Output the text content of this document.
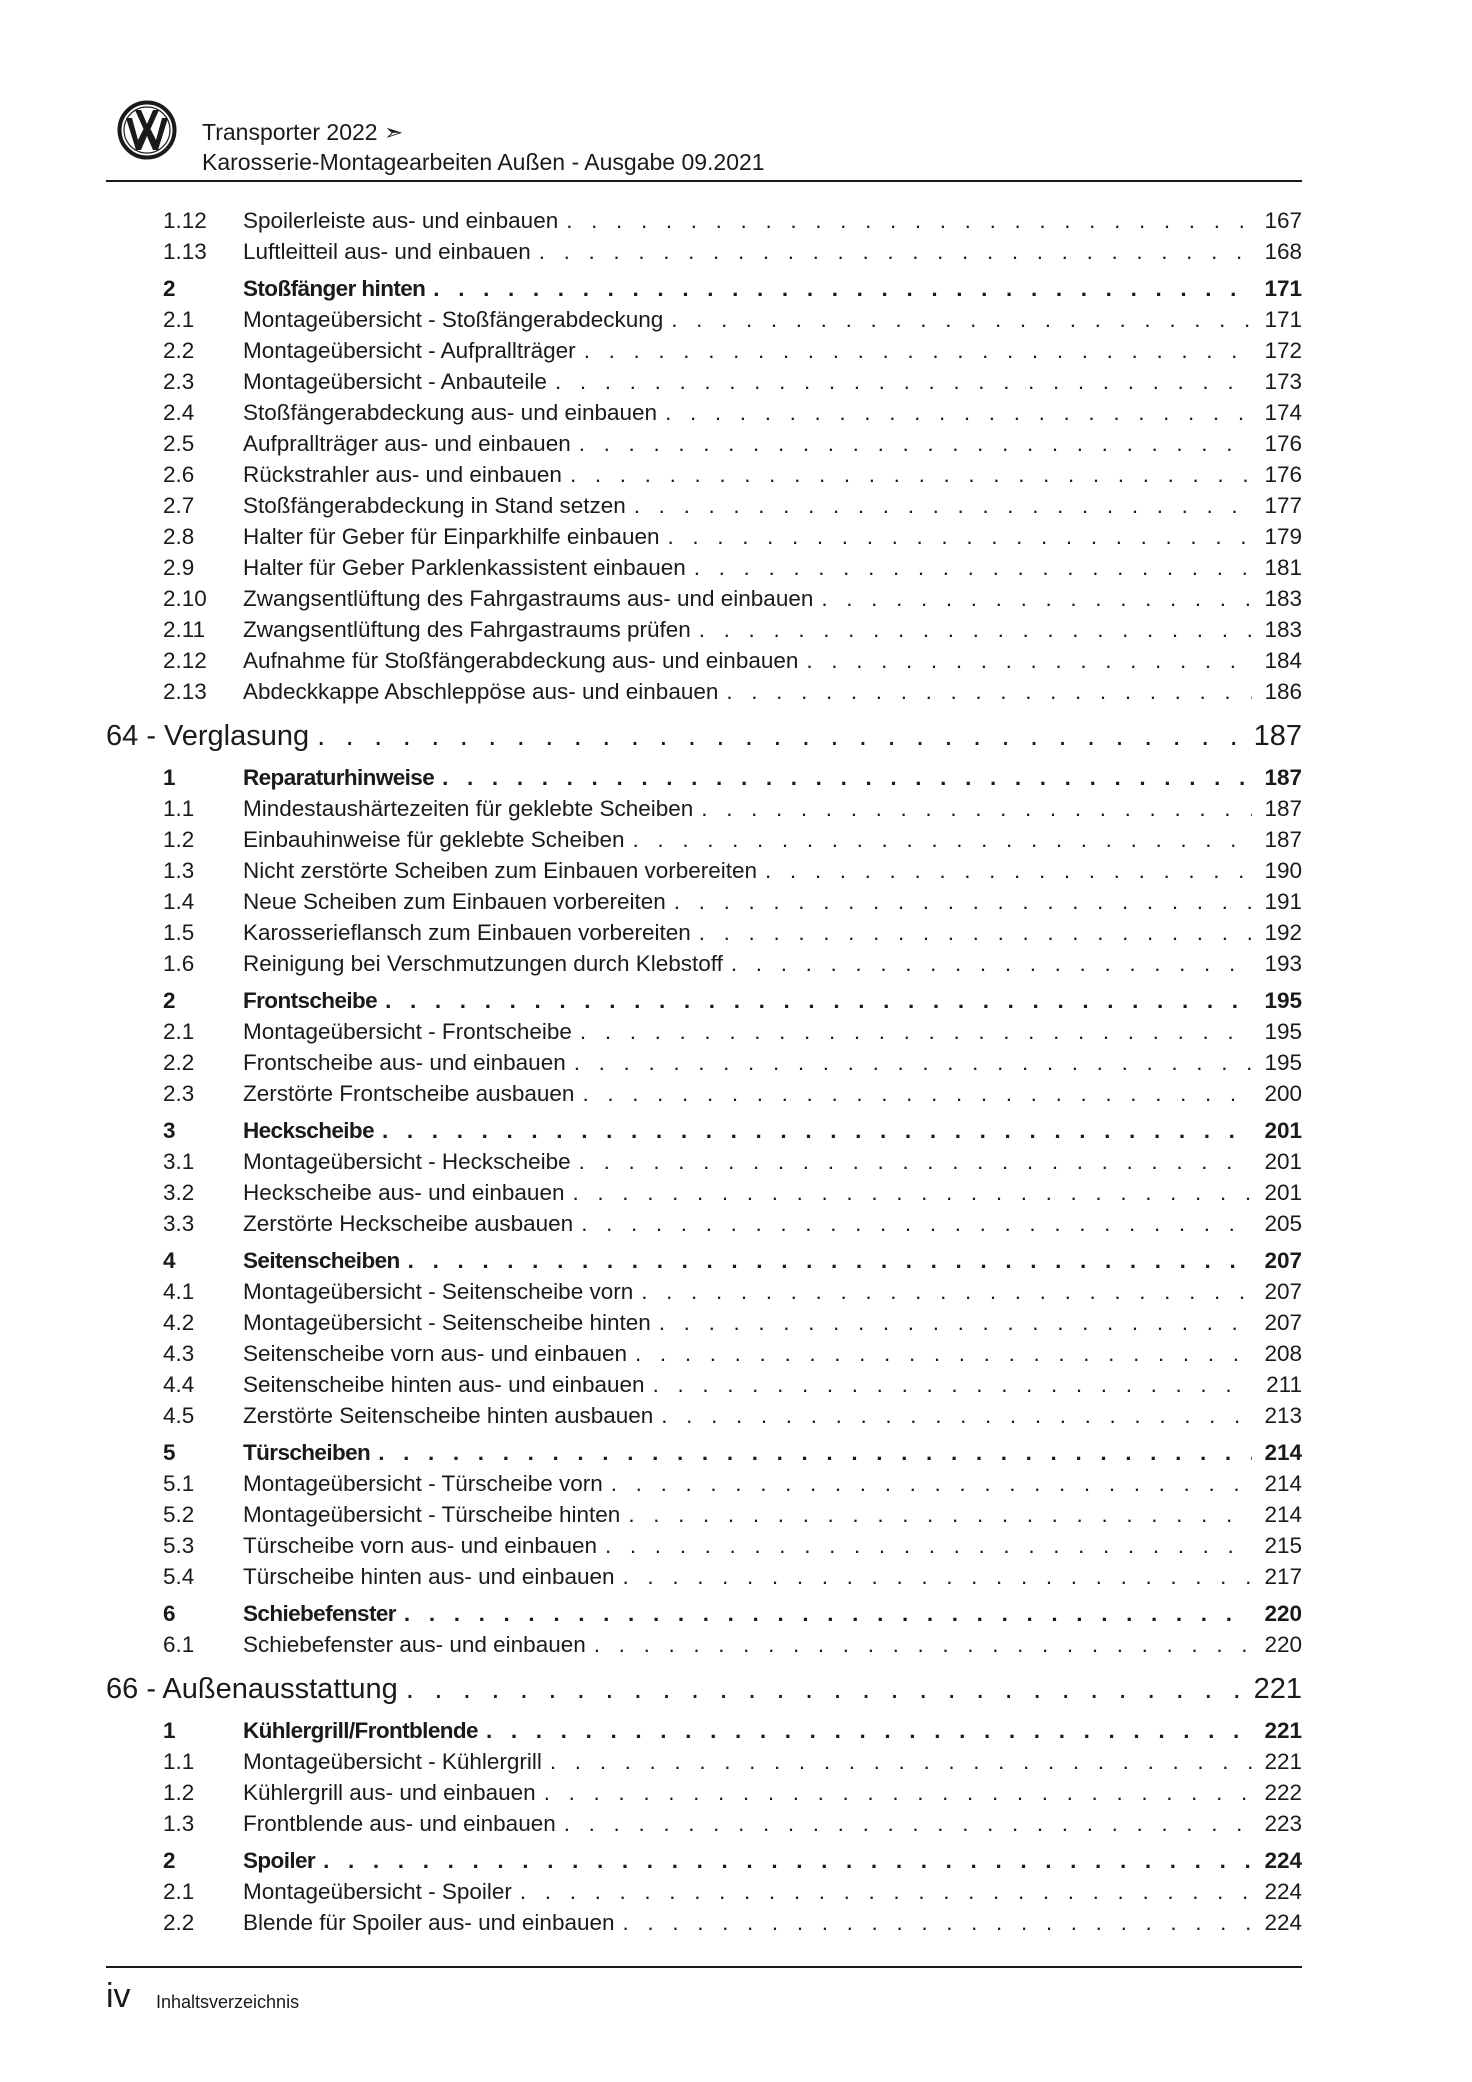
Transporter 2022 ➣
Karosserie-Montagearbeiten Außen - Ausgabe 09.2021
1.12	Spoilerleiste aus- und einbauen . . .	167
1.13	Luftleitteil aus- und einbauen . . .	168
2	Stoßfänger hinten . . .	171
2.1	Montageübersicht - Stoßfängerabdeckung . . .	171
2.2	Montageübersicht - Aufprallträger . . .	172
2.3	Montageübersicht - Anbauteile . . .	173
2.4	Stoßfängerabdeckung aus- und einbauen . . .	174
2.5	Aufprallträger aus- und einbauen . . .	176
2.6	Rückstrahler aus- und einbauen . . .	176
2.7	Stoßfängerabdeckung in Stand setzen . . .	177
2.8	Halter für Geber für Einparkhilfe einbauen . . .	179
2.9	Halter für Geber Parklenkassistent einbauen . . .	181
2.10	Zwangsentlüftung des Fahrgastraums aus- und einbauen . . .	183
2.11	Zwangsentlüftung des Fahrgastraums prüfen . . .	183
2.12	Aufnahme für Stoßfängerabdeckung aus- und einbauen . . .	184
2.13	Abdeckkappe Abschleppöse aus- und einbauen . . .	186
64 - Verglasung . . .	187
1	Reparaturhinweise . . .	187
1.1	Mindestaushärtezeiten für geklebte Scheiben . . .	187
1.2	Einbauhinweise für geklebte Scheiben . . .	187
1.3	Nicht zerstörte Scheiben zum Einbauen vorbereiten . . .	190
1.4	Neue Scheiben zum Einbauen vorbereiten . . .	191
1.5	Karosserieflansch zum Einbauen vorbereiten . . .	192
1.6	Reinigung bei Verschmutzungen durch Klebstoff . . .	193
2	Frontscheibe . . .	195
2.1	Montageübersicht - Frontscheibe . . .	195
2.2	Frontscheibe aus- und einbauen . . .	195
2.3	Zerstörte Frontscheibe ausbauen . . .	200
3	Heckscheibe . . .	201
3.1	Montageübersicht - Heckscheibe . . .	201
3.2	Heckscheibe aus- und einbauen . . .	201
3.3	Zerstörte Heckscheibe ausbauen . . .	205
4	Seitenscheiben . . .	207
4.1	Montageübersicht - Seitenscheibe vorn . . .	207
4.2	Montageübersicht - Seitenscheibe hinten . . .	207
4.3	Seitenscheibe vorn aus- und einbauen . . .	208
4.4	Seitenscheibe hinten aus- und einbauen . . .	211
4.5	Zerstörte Seitenscheibe hinten ausbauen . . .	213
5	Türscheiben . . .	214
5.1	Montageübersicht - Türscheibe vorn . . .	214
5.2	Montageübersicht - Türscheibe hinten . . .	214
5.3	Türscheibe vorn aus- und einbauen . . .	215
5.4	Türscheibe hinten aus- und einbauen . . .	217
6	Schiebefenster . . .	220
6.1	Schiebefenster aus- und einbauen . . .	220
66 - Außenausstattung . . .	221
1	Kühlergrill/Frontblende . . .	221
1.1	Montageübersicht - Kühlergrill . . .	221
1.2	Kühlergrill aus- und einbauen . . .	222
1.3	Frontblende aus- und einbauen . . .	223
2	Spoiler . . .	224
2.1	Montageübersicht - Spoiler . . .	224
2.2	Blende für Spoiler aus- und einbauen . . .	224
iv Inhaltsverzeichnis
